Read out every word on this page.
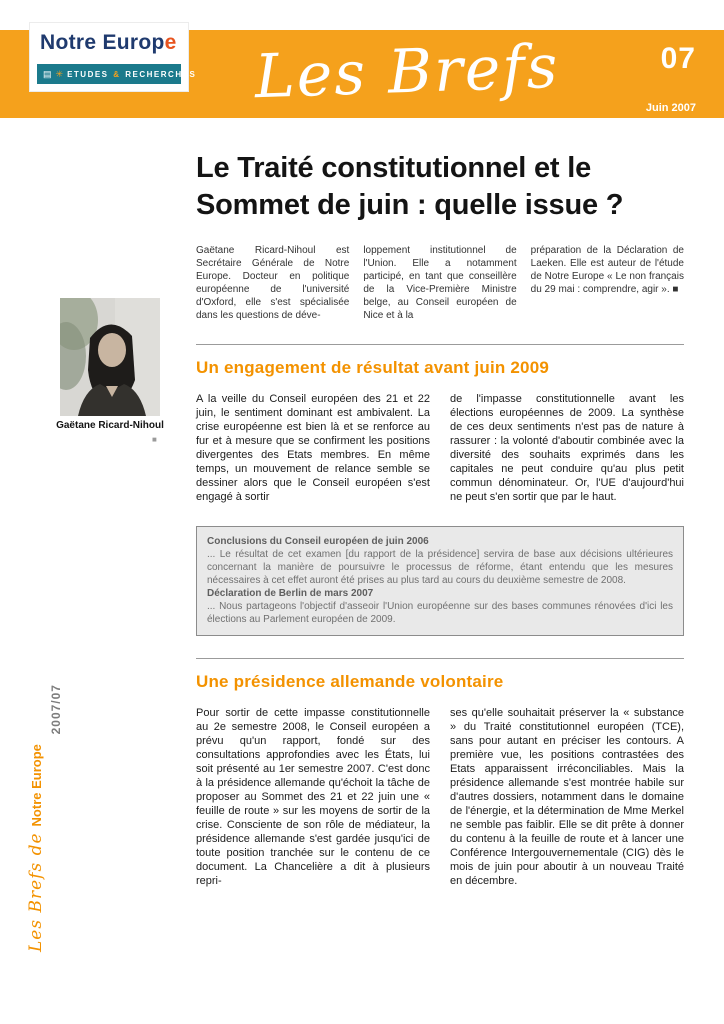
Notre Europe
▤ ✳ ETUDES & RECHERCHES Les Brefs	07
Juin 2007
Gaëtane Ricard-Nihoul
■
Les Brefs deNotre Europe
2007/07
Le Traité constitutionnel et le
Sommet de juin : quelle issue ?
Gaëtane Ricard-Nihoul est Secrétaire Générale de Notre Europe. Docteur en politique européenne de l'université d'Oxford, elle s'est spécialisée dans les questions de déve-
loppement institutionnel de l'Union. Elle a notamment participé, en tant que conseillère de la Vice-Première Ministre belge, au Conseil européen de Nice et à la
préparation de la Déclaration de Laeken. Elle est auteur de l'étude de Notre Europe « Le non français du 29 mai : comprendre, agir ». ■
Un engagement de résultat avant juin 2009
A la veille du Conseil européen des 21 et 22 juin, le sentiment dominant est ambivalent. La crise européenne est bien là et se renforce au fur et à mesure que se confirment les positions divergentes des Etats membres. En même temps, un mouvement de relance semble se dessiner alors que le Conseil européen s'est engagé à sortir
de l'impasse constitutionnelle avant les élections européennes de 2009. La synthèse de ces deux sentiments n'est pas de nature à rassurer : la volonté d'aboutir combinée avec la diversité des souhaits exprimés dans les capitales ne peut conduire qu'au plus petit commun dénominateur. Or, l'UE d'aujourd'hui ne peut s'en sortir que par le haut.
Conclusions du Conseil européen de juin 2006
... Le résultat de cet examen [du rapport de la présidence] servira de base aux décisions ultérieures concernant la manière de poursuivre le processus de réforme, étant entendu que les mesures nécessaires à cet effet auront été prises au plus tard au cours du deuxième semestre de 2008.
Déclaration de Berlin de mars 2007
... Nous partageons l'objectif d'asseoir l'Union européenne sur des bases communes rénovées d'ici les élections au Parlement européen de 2009.
Une présidence allemande volontaire
Pour sortir de cette impasse constitutionnelle au 2e semestre 2008, le Conseil européen a prévu qu'un rapport, fondé sur des consultations approfondies avec les États, lui soit présenté au 1er semestre 2007. C'est donc à la présidence allemande qu'échoit la tâche de proposer au Sommet des 21 et 22 juin une « feuille de route » sur les moyens de sortir de la crise. Consciente de son rôle de médiateur, la présidence allemande s'est gardée jusqu'ici de toute position tranchée sur le contenu de ce document. La Chancelière a dit à plusieurs repri-
ses qu'elle souhaitait préserver la « substance » du Traité constitutionnel européen (TCE), sans pour autant en préciser les contours. A première vue, les positions contrastées des Etats apparaissent irréconciliables. Mais la présidence allemande s'est montrée habile sur d'autres dossiers, notamment dans le domaine de l'énergie, et la détermination de Mme Merkel ne semble pas faiblir. Elle se dit prête à donner du contenu à la feuille de route et à lancer une Conférence Intergouvernementale (CIG) dès le mois de juin pour aboutir à un nouveau Traité en décembre.
